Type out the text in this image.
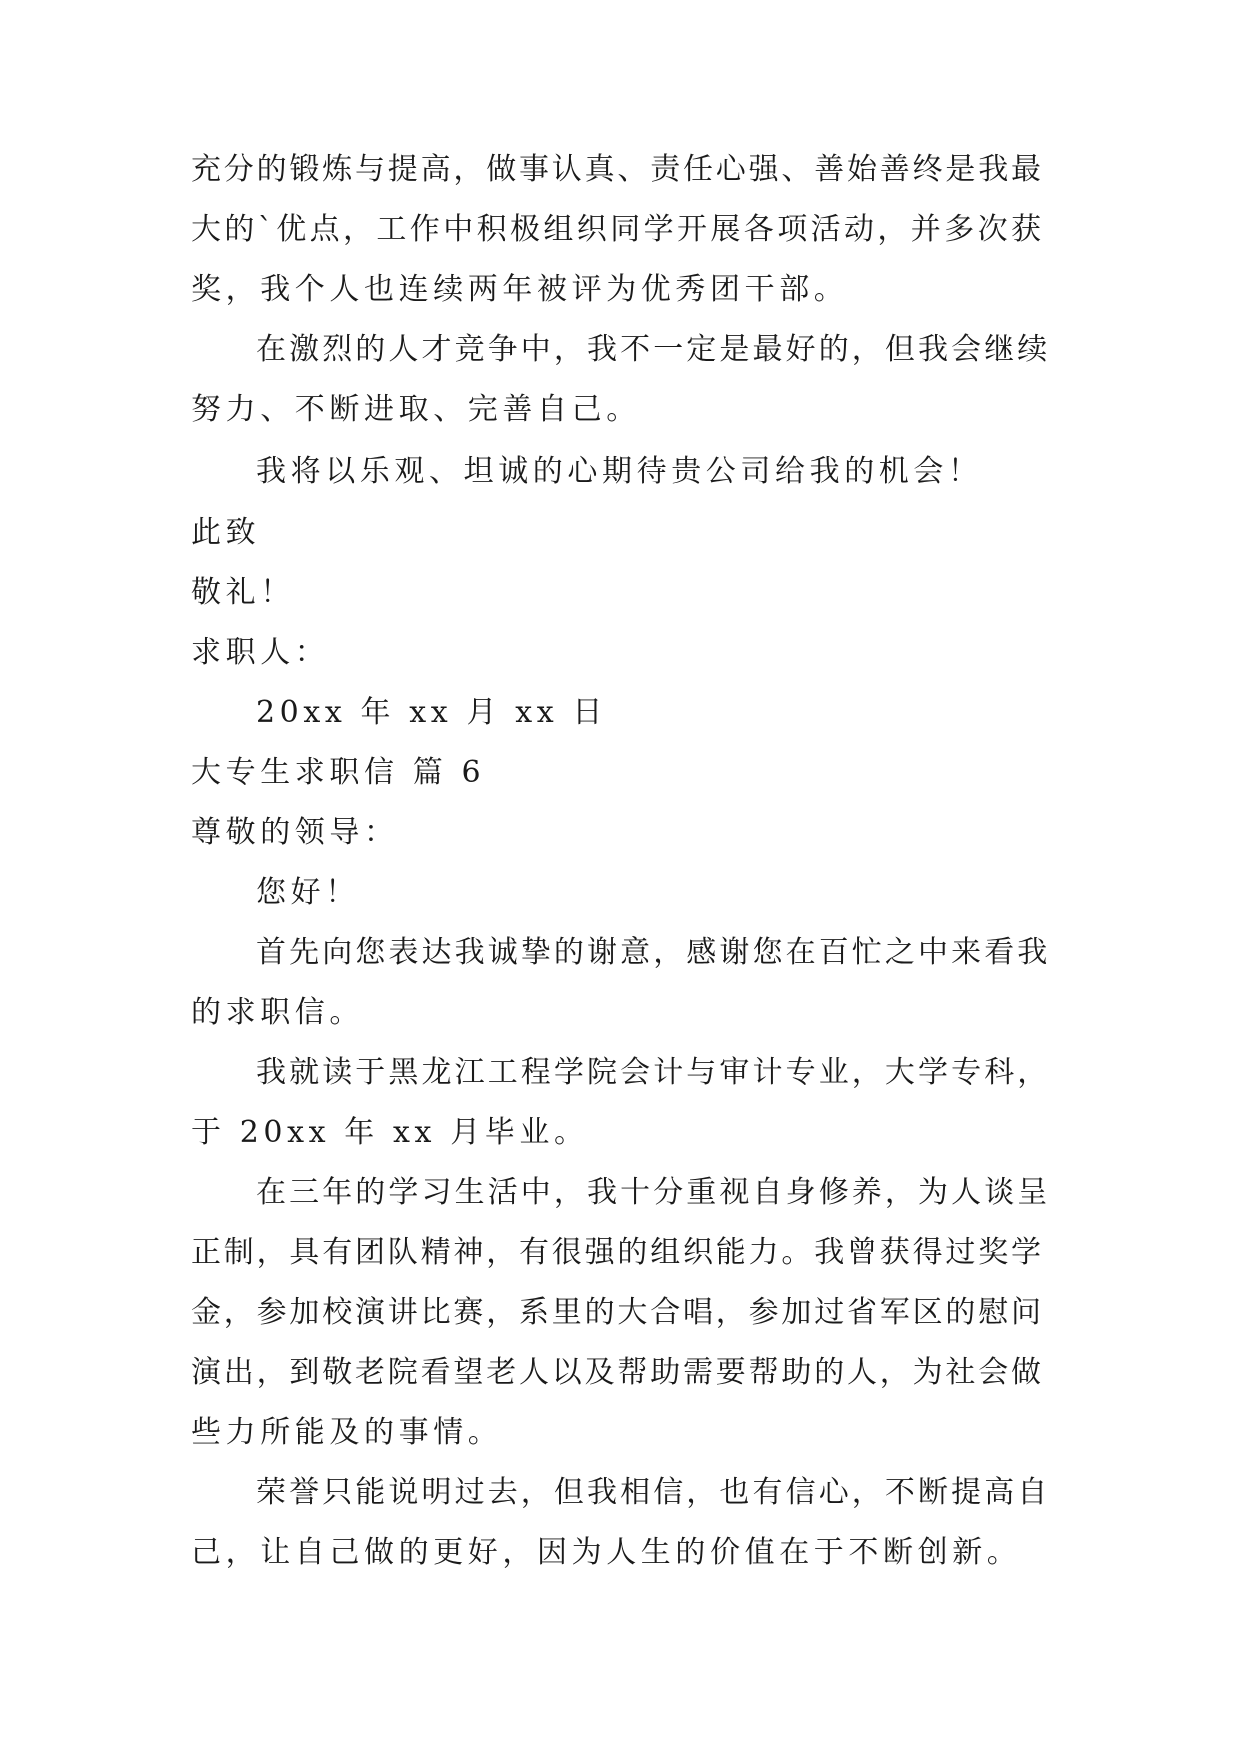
充分的锻炼与提高，做事认真、责任心强、善始善终是我最
大的`优点，工作中积极组织同学开展各项活动，并多次获
奖，我个人也连续两年被评为优秀团干部。
在激烈的人才竞争中，我不一定是最好的，但我会继续
努力、不断进取、完善自己。
我将以乐观、坦诚的心期待贵公司给我的机会！
此致
敬礼！
求职人：
20xx 年 xx 月 xx 日
大专生求职信 篇 6
尊敬的领导：
您好！
首先向您表达我诚挚的谢意，感谢您在百忙之中来看我
的求职信。
我就读于黑龙江工程学院会计与审计专业，大学专科，
于 20xx 年 xx 月毕业。
在三年的学习生活中，我十分重视自身修养，为人谈呈
正制，具有团队精神，有很强的组织能力。我曾获得过奖学
金，参加校演讲比赛，系里的大合唱，参加过省军区的慰问
演出，到敬老院看望老人以及帮助需要帮助的人，为社会做
些力所能及的事情。
荣誉只能说明过去，但我相信，也有信心，不断提高自
己，让自己做的更好，因为人生的价值在于不断创新。
